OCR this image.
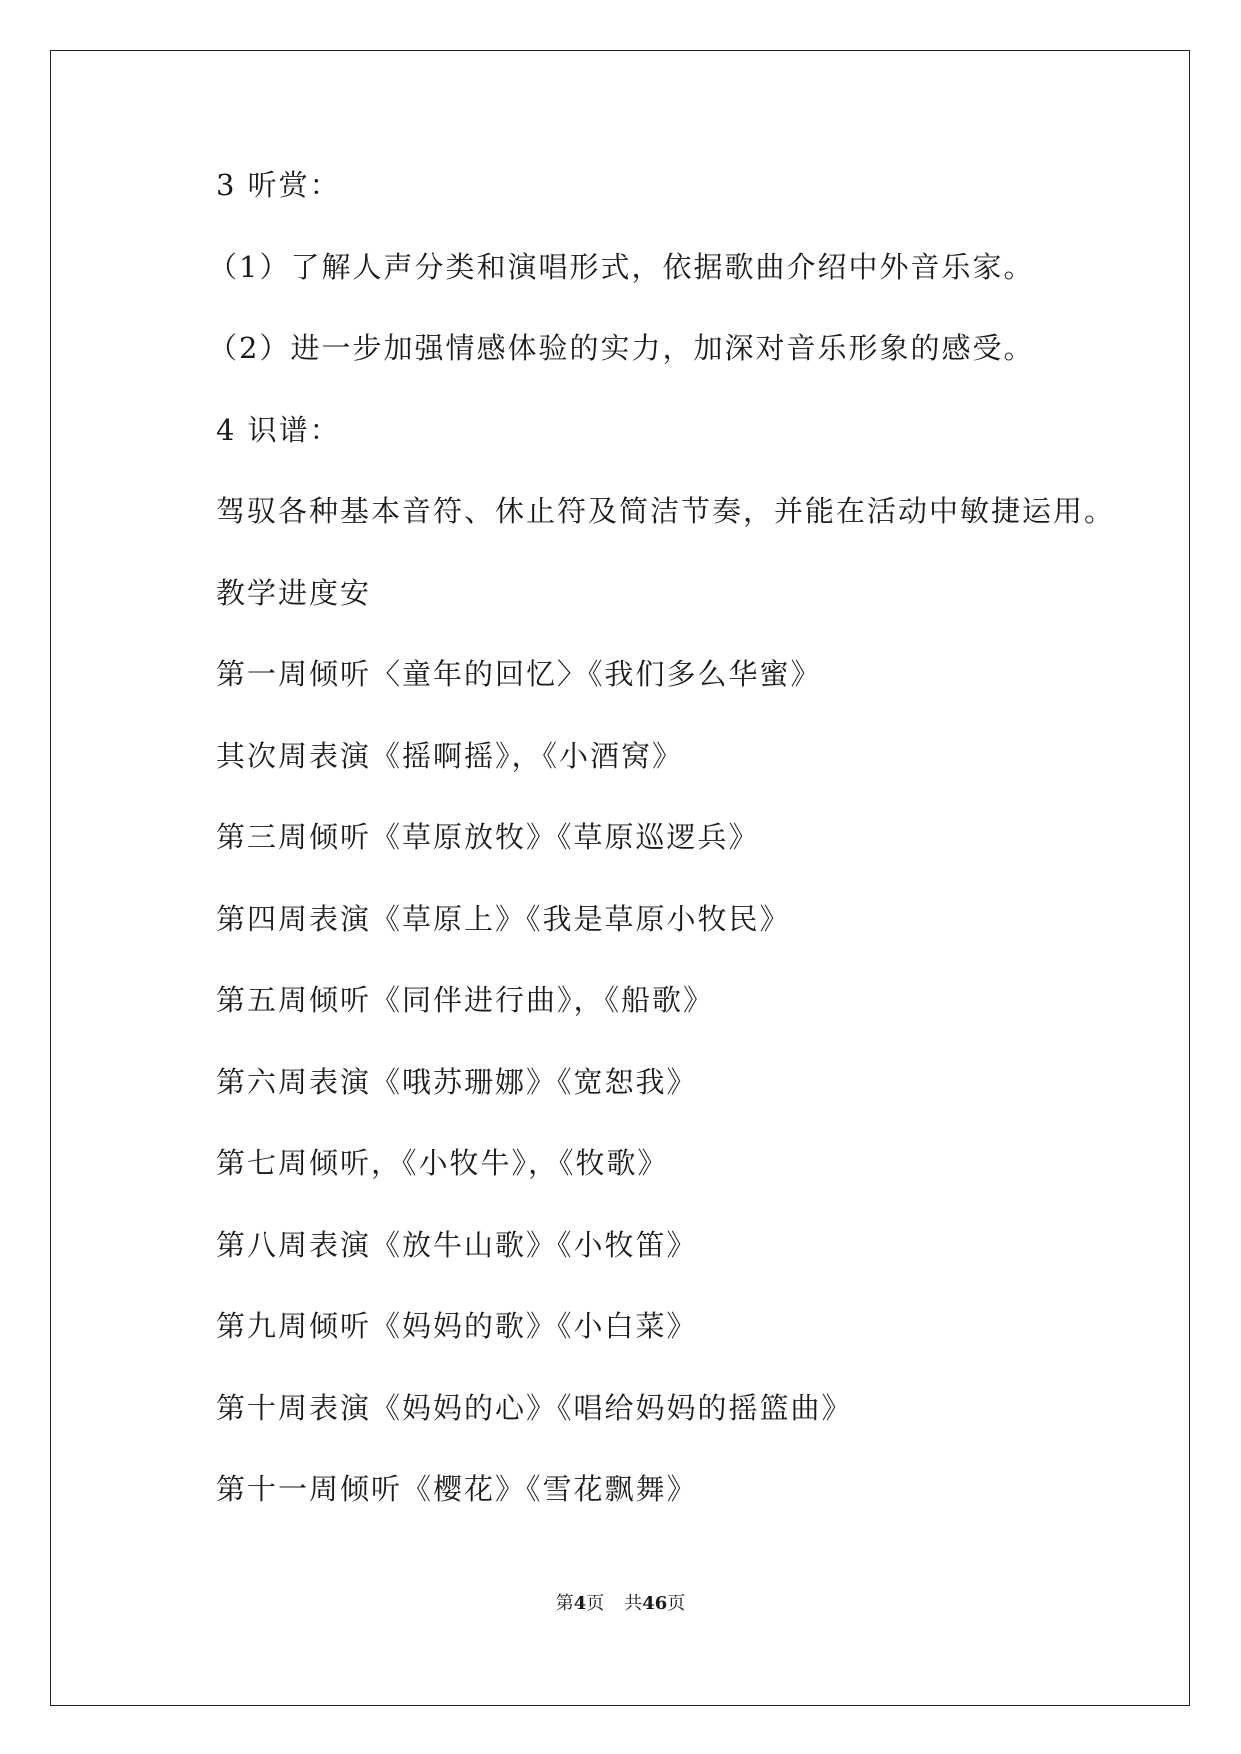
3 听赏：
（1）了解人声分类和演唱形式，依据歌曲介绍中外音乐家。
（2）进一步加强情感体验的实力，加深对音乐形象的感受。
4 识谱：
驾驭各种基本音符、休止符及简洁节奏，并能在活动中敏捷运用。
教学进度安
第一周倾听〈童年的回忆〉《我们多么华蜜》
其次周表演《摇啊摇》，《小酒窝》
第三周倾听《草原放牧》《草原巡逻兵》
第四周表演《草原上》《我是草原小牧民》
第五周倾听《同伴进行曲》，《船歌》
第六周表演《哦苏珊娜》《宽恕我》
第七周倾听，《小牧牛》，《牧歌》
第八周表演《放牛山歌》《小牧笛》
第九周倾听《妈妈的歌》《小白菜》
第十周表演《妈妈的心》《唱给妈妈的摇篮曲》
第十一周倾听《樱花》《雪花飘舞》
第4页 共46页
